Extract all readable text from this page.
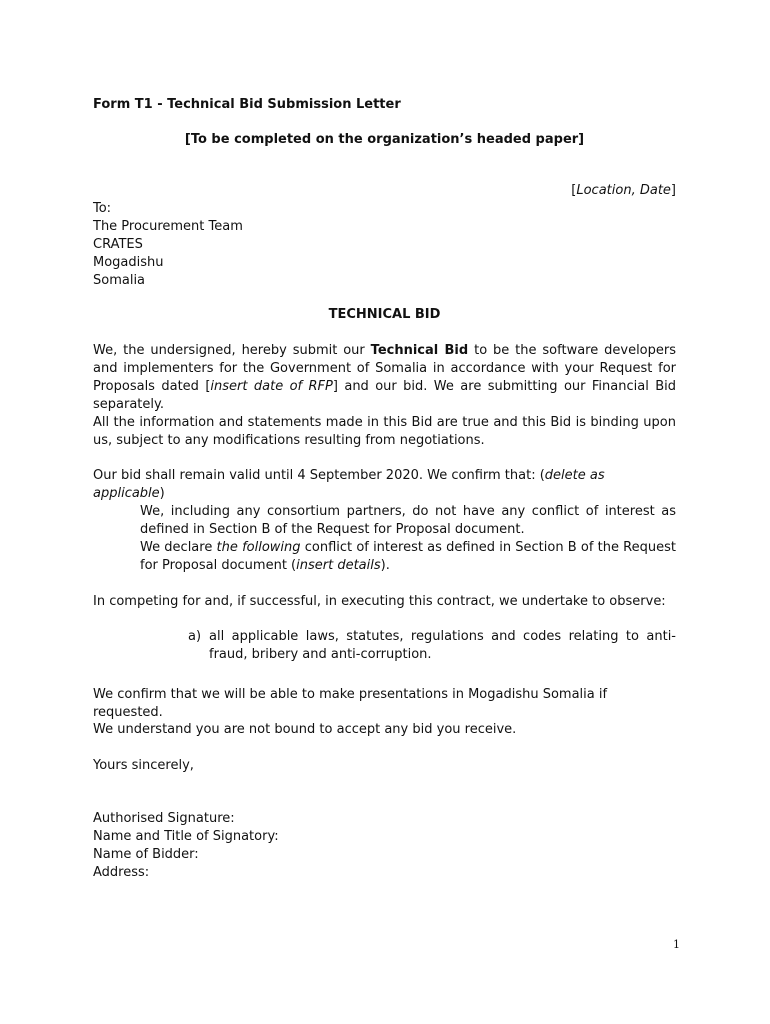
Form T1 - Technical Bid Submission Letter
[To be completed on the organization’s headed paper]
[Location, Date]
To:
The Procurement Team
CRATES
Mogadishu
Somalia
TECHNICAL BID
We, the undersigned, hereby submit our Technical Bid to be the software developers and implementers for the Government of Somalia in accordance with your Request for Proposals dated [insert date of RFP] and our bid. We are submitting our Financial Bid separately.
All the information and statements made in this Bid are true and this Bid is binding upon us, subject to any modifications resulting from negotiations.
Our bid shall remain valid until 4 September 2020. We confirm that: (delete as applicable)
We, including any consortium partners, do not have any conflict of interest as defined in Section B of the Request for Proposal document.
We declare the following conflict of interest as defined in Section B of the Request for Proposal document (insert details).
In competing for and, if successful, in executing this contract, we undertake to observe:
a) all applicable laws, statutes, regulations and codes relating to anti-fraud, bribery and anti-corruption.
We confirm that we will be able to make presentations in Mogadishu Somalia if requested.
We understand you are not bound to accept any bid you receive.
Yours sincerely,
Authorised Signature:
Name and Title of Signatory:
Name of Bidder:
Address:
1
